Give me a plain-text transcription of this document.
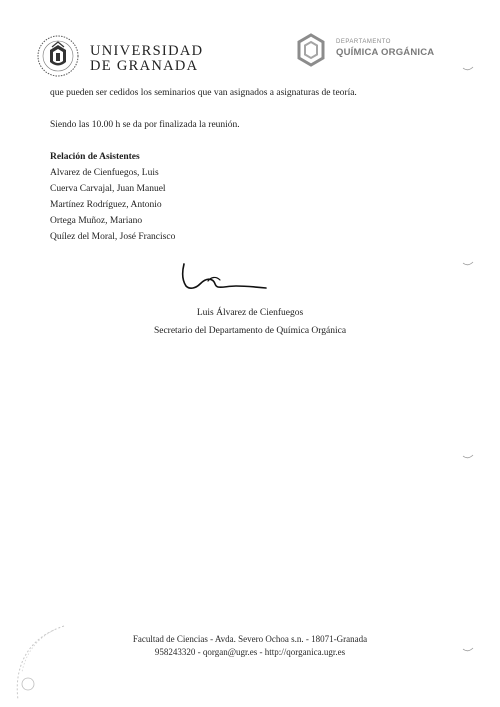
UNIVERSIDAD
DE GRANADA
DEPARTAMENTO
QUÍMICA ORGÁNICA
que pueden ser cedidos los seminarios que van asignados a asignaturas de teoría.
Siendo las 10.00 h se da por finalizada la reunión.
Relación de Asistentes
Alvarez de Cienfuegos, Luis
Cuerva Carvajal, Juan Manuel
Martínez Rodríguez, Antonio
Ortega Muñoz, Mariano
Quílez del Moral, José Francisco
Luis Álvarez de Cienfuegos
Secretario del Departamento de Química Orgánica
Facultad de Ciencias - Avda. Severo Ochoa s.n. - 18071-Granada
958243320 - qorgan@ugr.es - http://qorganica.ugr.es
